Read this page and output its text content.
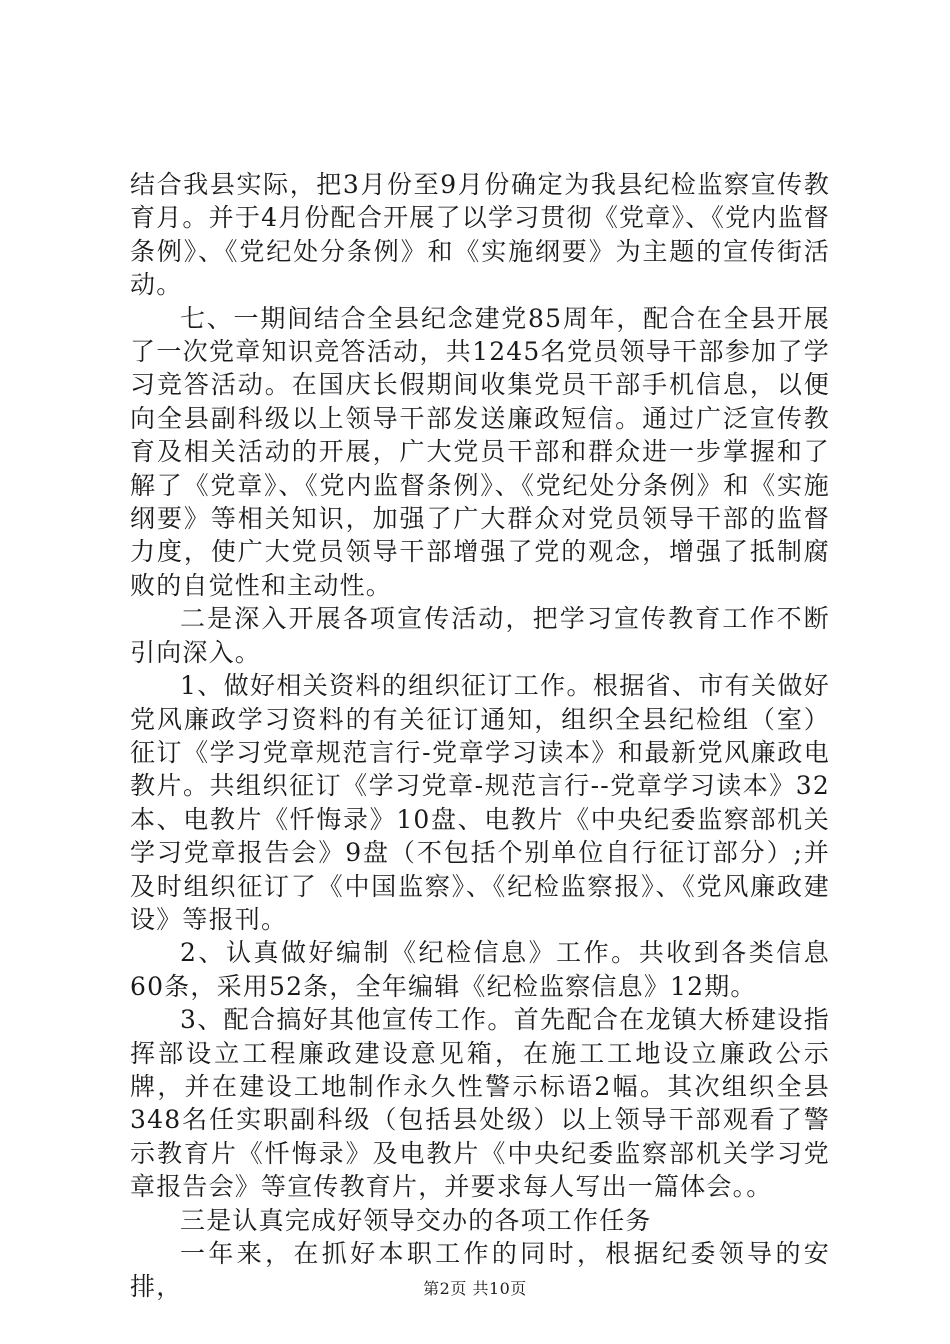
结合我县实际，把3月份至9月份确定为我县纪检监察宣传教育月。并于4月份配合开展了以学习贯彻《党章》、《党内监督条例》、《党纪处分条例》和《实施纲要》为主题的宣传街活动。

七、一期间结合全县纪念建党85周年，配合在全县开展了一次党章知识竞答活动，共1245名党员领导干部参加了学习竞答活动。在国庆长假期间收集党员干部手机信息，以便向全县副科级以上领导干部发送廉政短信。通过广泛宣传教育及相关活动的开展，广大党员干部和群众进一步掌握和了解了《党章》、《党内监督条例》、《党纪处分条例》和《实施纲要》等相关知识，加强了广大群众对党员领导干部的监督力度，使广大党员领导干部增强了党的观念，增强了抵制腐败的自觉性和主动性。

二是深入开展各项宣传活动，把学习宣传教育工作不断引向深入。

1、做好相关资料的组织征订工作。根据省、市有关做好党风廉政学习资料的有关征订通知，组织全县纪检组（室）征订《学习党章规范言行-党章学习读本》和最新党风廉政电教片。共组织征订《学习党章-规范言行--党章学习读本》32本、电教片《忏悔录》10盘、电教片《中央纪委监察部机关学习党章报告会》9盘（不包括个别单位自行征订部分）;并及时组织征订了《中国监察》、《纪检监察报》、《党风廉政建设》等报刊。

2、认真做好编制《纪检信息》工作。共收到各类信息60条，采用52条，全年编辑《纪检监察信息》12期。

3、配合搞好其他宣传工作。首先配合在龙镇大桥建设指挥部设立工程廉政建设意见箱，在施工工地设立廉政公示牌，并在建设工地制作永久性警示标语2幅。其次组织全县348名任实职副科级（包括县处级）以上领导干部观看了警示教育片《忏悔录》及电教片《中央纪委监察部机关学习党章报告会》等宣传教育片，并要求每人写出一篇体会。。

三是认真完成好领导交办的各项工作任务

一年来，在抓好本职工作的同时，根据纪委领导的安排，	第2页 共10页
